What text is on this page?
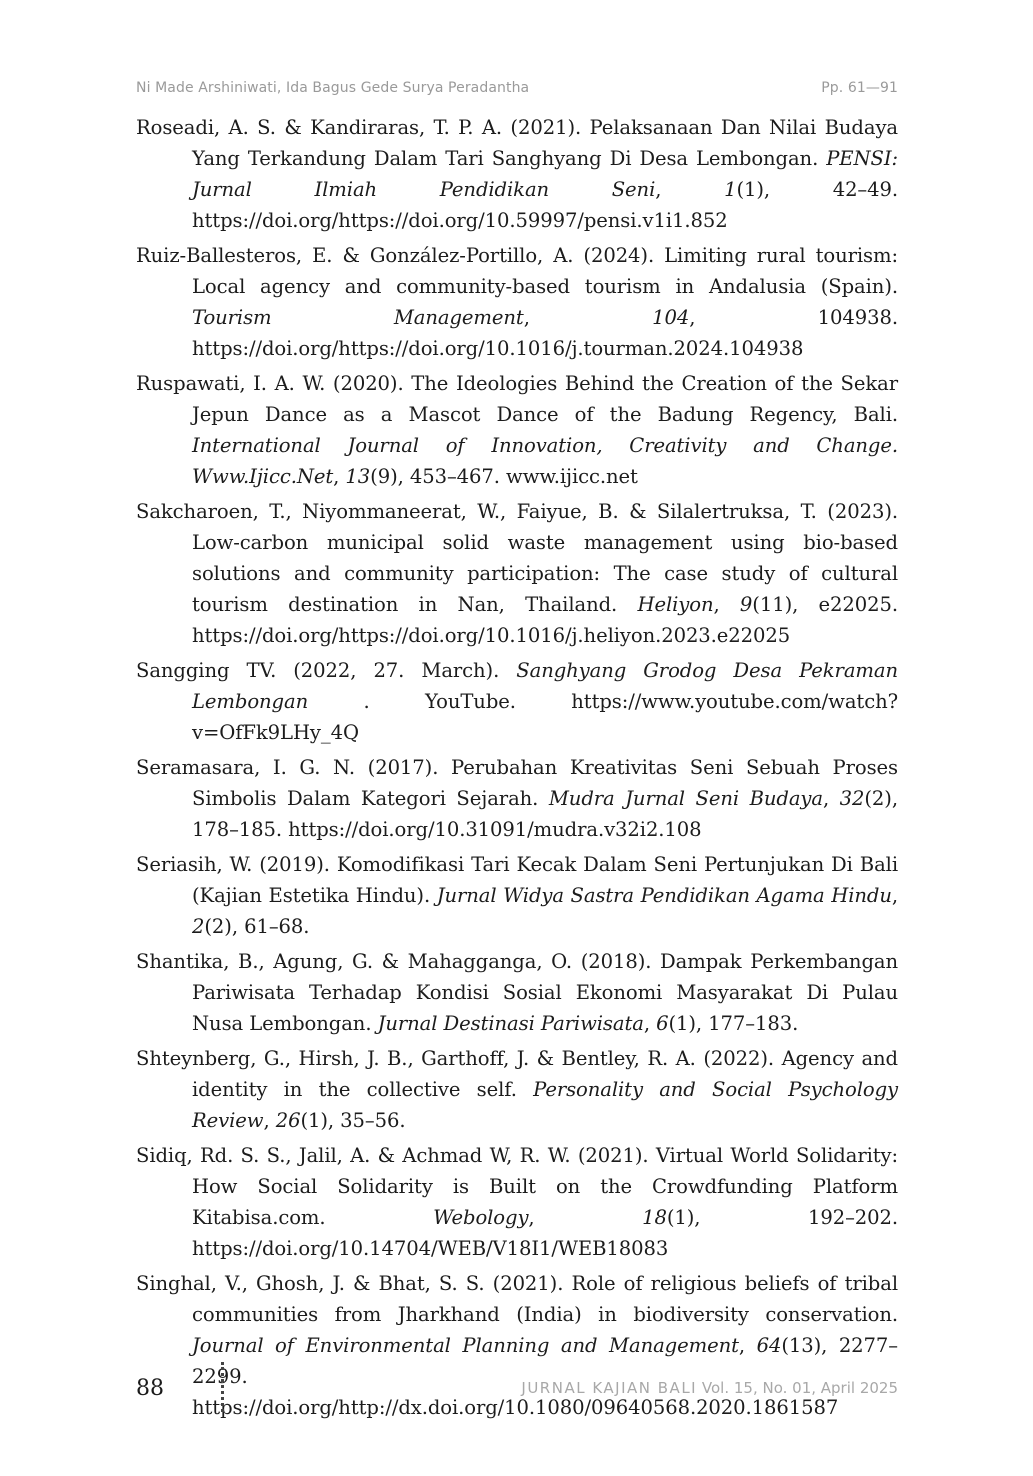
Ni Made Arshiniwati, Ida Bagus Gede Surya Peradantha	Pp. 61—91

Roseadi, A. S. & Kandiraras, T. P. A. (2021). Pelaksanaan Dan Nilai Budaya Yang Terkandung Dalam Tari Sanghyang Di Desa Lembongan. PENSI: Jurnal Ilmiah Pendidikan Seni, 1(1), 42–49. https://doi.org/https://doi.org/10.59997/pensi.v1i1.852

Ruiz-Ballesteros, E. & González-Portillo, A. (2024). Limiting rural tourism: Local agency and community-based tourism in Andalusia (Spain). Tourism Management, 104, 104938. https://doi.org/https://doi.org/10.1016/j.tourman.2024.104938

Ruspawati, I. A. W. (2020). The Ideologies Behind the Creation of the Sekar Jepun Dance as a Mascot Dance of the Badung Regency, Bali. International Journal of Innovation, Creativity and Change. Www.Ijicc.Net, 13(9), 453–467. www.ijicc.net

Sakcharoen, T., Niyommaneerat, W., Faiyue, B. & Silalertruksa, T. (2023). Low-carbon municipal solid waste management using bio-based solutions and community participation: The case study of cultural tourism destination in Nan, Thailand. Heliyon, 9(11), e22025. https://doi.org/https://doi.org/10.1016/j.heliyon.2023.e22025

Sangging TV. (2022, 27. March). Sanghyang Grodog Desa Pekraman Lembongan	. YouTube. https://www.youtube.com/watch?v=OfFk9LHy_4Q

Seramasara, I. G. N. (2017). Perubahan Kreativitas Seni Sebuah Proses Simbolis Dalam Kategori Sejarah. Mudra Jurnal Seni Budaya, 32(2), 178–185. https://doi.org/10.31091/mudra.v32i2.108

Seriasih, W. (2019). Komodifikasi Tari Kecak Dalam Seni Pertunjukan Di Bali (Kajian Estetika Hindu). Jurnal Widya Sastra Pendidikan Agama Hindu, 2(2), 61–68.

Shantika, B., Agung, G. & Mahagganga, O. (2018). Dampak Perkembangan Pariwisata Terhadap Kondisi Sosial Ekonomi Masyarakat Di Pulau Nusa Lembongan. Jurnal Destinasi Pariwisata, 6(1), 177–183.

Shteynberg, G., Hirsh, J. B., Garthoff, J. & Bentley, R. A. (2022). Agency and identity in the collective self. Personality and Social Psychology Review, 26(1), 35–56.

Sidiq, Rd. S. S., Jalil, A. & Achmad W, R. W. (2021). Virtual World Solidarity: How Social Solidarity is Built on the Crowdfunding Platform Kitabisa.com. Webology, 18(1), 192–202. https://doi.org/10.14704/WEB/V18I1/WEB18083

Singhal, V., Ghosh, J. & Bhat, S. S. (2021). Role of religious beliefs of tribal communities from Jharkhand (India) in biodiversity conservation. Journal of Environmental Planning and Management, 64(13), 2277–2299. https://doi.org/http://dx.doi.org/10.1080/09640568.2020.1861587

88	JURNAL KAJIAN BALI Vol. 15, No. 01, April 2025
